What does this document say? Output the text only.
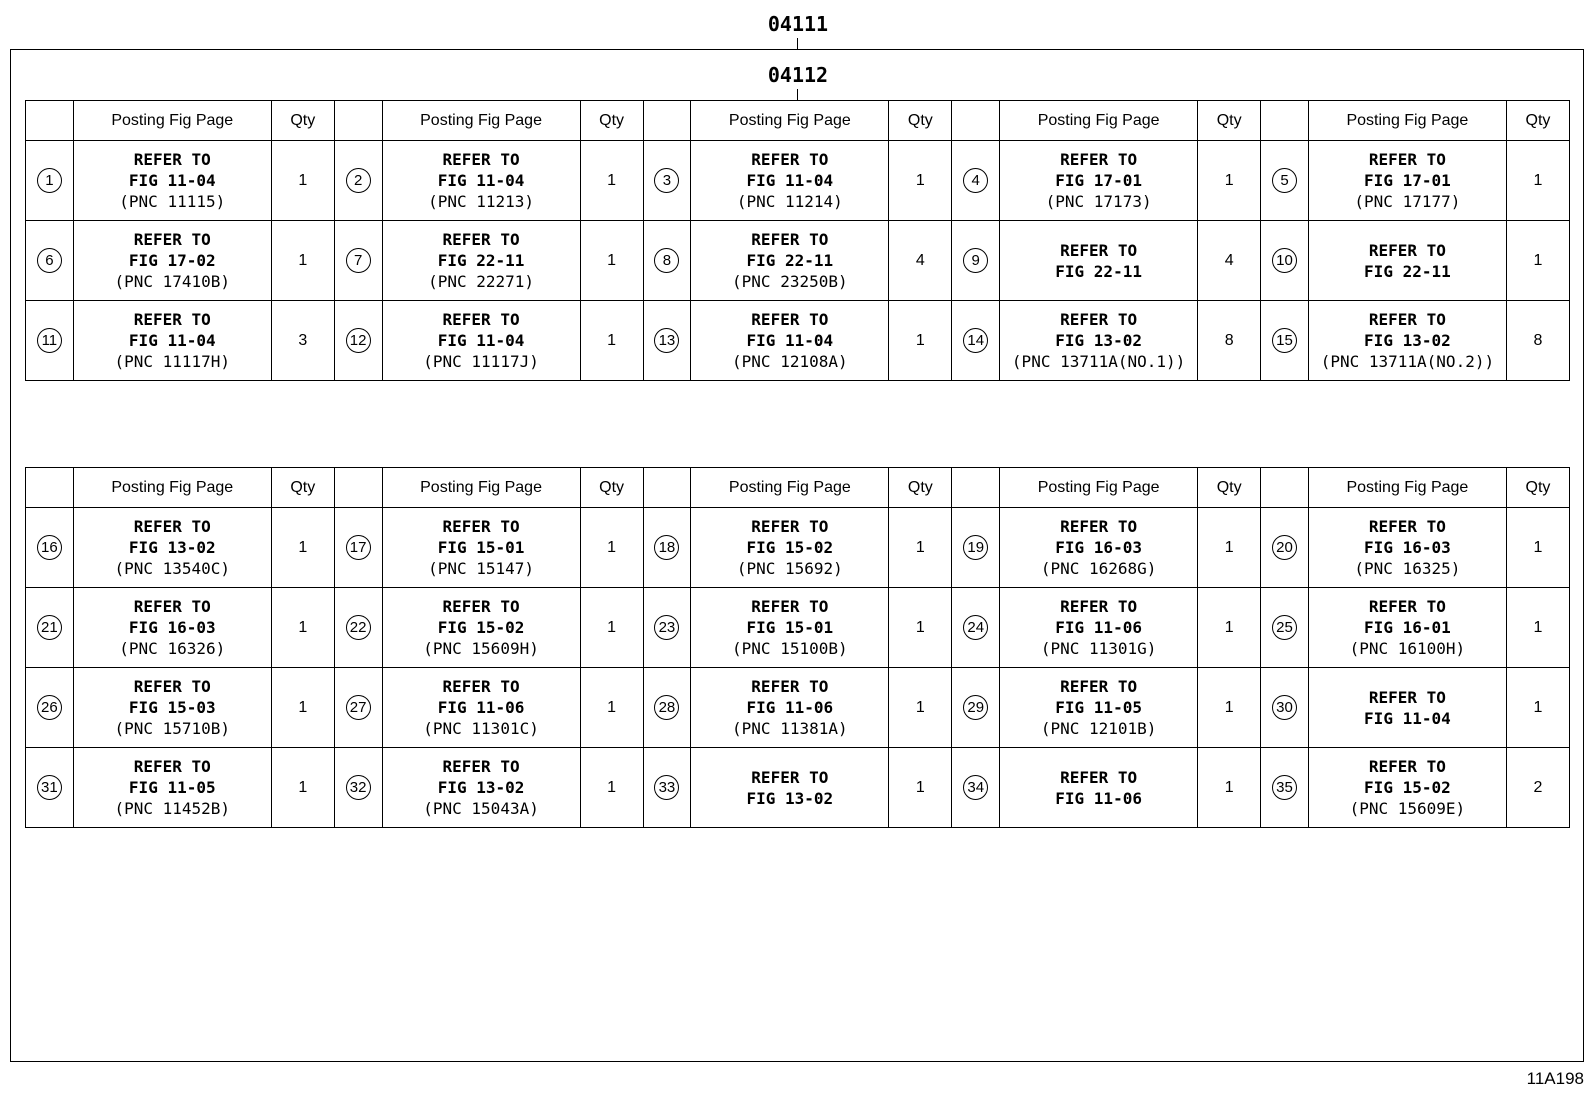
04111
04112
	Posting Fig Page	Qty		Posting Fig Page	Qty		Posting Fig Page	Qty		Posting Fig Page	Qty		Posting Fig Page	Qty
1	REFER TO
FIG 11-04
(PNC 11115)	1	2	REFER TO
FIG 11-04
(PNC 11213)	1	3	REFER TO
FIG 11-04
(PNC 11214)	1	4	REFER TO
FIG 17-01
(PNC 17173)	1	5	REFER TO
FIG 17-01
(PNC 17177)	1
6	REFER TO
FIG 17-02
(PNC 17410B)	1	7	REFER TO
FIG 22-11
(PNC 22271)	1	8	REFER TO
FIG 22-11
(PNC 23250B)	4	9	REFER TO
FIG 22-11	4	10	REFER TO
FIG 22-11	1
11	REFER TO
FIG 11-04
(PNC 11117H)	3	12	REFER TO
FIG 11-04
(PNC 11117J)	1	13	REFER TO
FIG 11-04
(PNC 12108A)	1	14	REFER TO
FIG 13-02
(PNC 13711A(NO.1))	8	15	REFER TO
FIG 13-02
(PNC 13711A(NO.2))	8
	Posting Fig Page	Qty		Posting Fig Page	Qty		Posting Fig Page	Qty		Posting Fig Page	Qty		Posting Fig Page	Qty
16	REFER TO
FIG 13-02
(PNC 13540C)	1	17	REFER TO
FIG 15-01
(PNC 15147)	1	18	REFER TO
FIG 15-02
(PNC 15692)	1	19	REFER TO
FIG 16-03
(PNC 16268G)	1	20	REFER TO
FIG 16-03
(PNC 16325)	1
21	REFER TO
FIG 16-03
(PNC 16326)	1	22	REFER TO
FIG 15-02
(PNC 15609H)	1	23	REFER TO
FIG 15-01
(PNC 15100B)	1	24	REFER TO
FIG 11-06
(PNC 11301G)	1	25	REFER TO
FIG 16-01
(PNC 16100H)	1
26	REFER TO
FIG 15-03
(PNC 15710B)	1	27	REFER TO
FIG 11-06
(PNC 11301C)	1	28	REFER TO
FIG 11-06
(PNC 11381A)	1	29	REFER TO
FIG 11-05
(PNC 12101B)	1	30	REFER TO
FIG 11-04	1
31	REFER TO
FIG 11-05
(PNC 11452B)	1	32	REFER TO
FIG 13-02
(PNC 15043A)	1	33	REFER TO
FIG 13-02	1	34	REFER TO
FIG 11-06	1	35	REFER TO
FIG 15-02
(PNC 15609E)	2
11A198
